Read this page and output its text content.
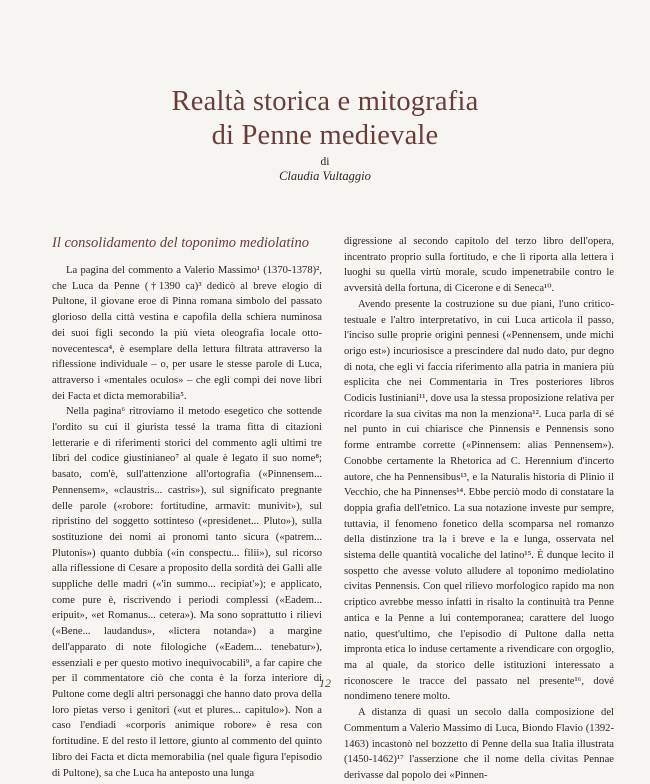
Realtà storica e mitografia
di Penne medievale
di
Claudia Vultaggio
Il consolidamento del toponimo mediolatino

La pagina del commento a Valerio Massimo¹ (1370-1378)², che Luca da Penne (†1390 ca)³ dedicò al breve elogio di Pultone, il giovane eroe di Pinna romana simbolo del passato glorioso della città vestina e capofila della schiera numinosa dei suoi figli secondo la più vieta oleografia locale otto-novecentesca⁴, è esemplare della lettura filtrata attraverso la riflessione individuale – o, per usare le stesse parole di Luca, attraverso i «mentales oculos» – che egli compì dei nove libri dei Facta et dicta memorabilia⁵.

Nella pagina⁶ ritroviamo il metodo esegetico che sottende l'ordito su cui il giurista tessé la trama fitta di citazioni letterarie e di riferimenti storici del commento agli ultimi tre libri del codice giustinianeo⁷ al quale è legato il suo nome⁸; basato, com'è, sull'attenzione all'ortografia («Pinnensem... Pennensem», «claustris... castris»), sul significato pregnante delle parole («robore: fortitudine, armavit: munivit»), sul ripristino del soggetto sottinteso («presidenet... Pluto»), sulla sostituzione dei nomi ai pronomi tanto sicura («patrem... Plutonis») quanto dubbia («in conspectu... filii»), sul ricorso alla riflessione di Cesare a proposito della sordità dei Galli alle suppliche delle madri («'in summo... recipiat'»); e applicato, come pure è, riscrivendo i periodi complessi («Eadem... eripuit», «et Romanus... cetera»). Ma sono soprattutto i rilievi («Bene... laudandus», «lictera notanda») a margine dell'apparato di note filologiche («Eadem... tenebatur»), essenziali e per questo motivo inequivocabili⁹, a far capire che per il commentatore ciò che conta è la forza interiore di Pultone come degli altri personaggi che hanno dato prova della loro pietas verso i genitori («ut et plures... capitulo»). Non a caso l'endiadi «corporis animique robore» è resa con fortitudine. E del resto il lettore, giunto al commento del quinto libro dei Facta et dicta memorabilia (nel quale figura l'episodio di Pultone), sa che Luca ha anteposto una lunga

digressione al secondo capitolo del terzo libro dell'opera, incentrato proprio sulla fortitudo, e che lì riporta alla lettera i luoghi su quella virtù morale, scudo impenetrabile contro le avversità della fortuna, di Cicerone e di Seneca¹⁰.

Avendo presente la costruzione su due piani, l'uno critico-testuale e l'altro interpretativo, in cui Luca articola il passo, l'inciso sulle proprie origini pennesi («Pennensem, unde michi origo est») incuriosisce a prescindere dal nudo dato, pur degno di nota, che egli vi faccia riferimento alla patria in maniera più esplicita che nei Commentaria in Tres posteriores libros Codicis Iustiniani¹¹, dove usa la stessa proposizione relativa per ricordare la sua civitas ma non la menziona¹². Luca parla di sé nel punto in cui chiarisce che Pinnensis e Pennensis sono forme entrambe corrette («Pinnensem: alias Pennensem»). Conobbe certamente la Rhetorica ad C. Herennium d'incerto autore, che ha Pennensibus¹³, e la Naturalis historia di Plinio il Vecchio, che ha Pinnenses¹⁴. Ebbe perciò modo di constatare la doppia grafia dell'etnico. La sua notazione investe pur sempre, tuttavia, il fenomeno fonetico della scomparsa nel romanzo della distinzione tra la i breve e la e lunga, osservata nel sistema delle quantità vocaliche del latino¹⁵. È dunque lecito il sospetto che avesse voluto alludere al toponimo mediolatino civitas Pennensis. Con quel rilievo morfologico rapido ma non criptico avrebbe messo infatti in risalto la continuità tra Penne antica e la Penne a lui contemporanea; carattere del luogo natio, quest'ultimo, che l'episodio di Pultone dalla netta impronta etica lo induse certamente a rivendicare con orgoglio, ma al quale, da storico delle istituzioni interessato a riconoscere le tracce del passato nel presente¹⁶, dové nondimeno tenere molto.

A distanza di quasi un secolo dalla composizione del Commentum a Valerio Massimo di Luca, Biondo Flavio (1392-1463) incastonò nel bozzetto di Penne della sua Italia illustrata (1450-1462)¹⁷ l'asserzione che il nome della civitas Pennae derivasse dal popolo dei «Pinnen-

12
